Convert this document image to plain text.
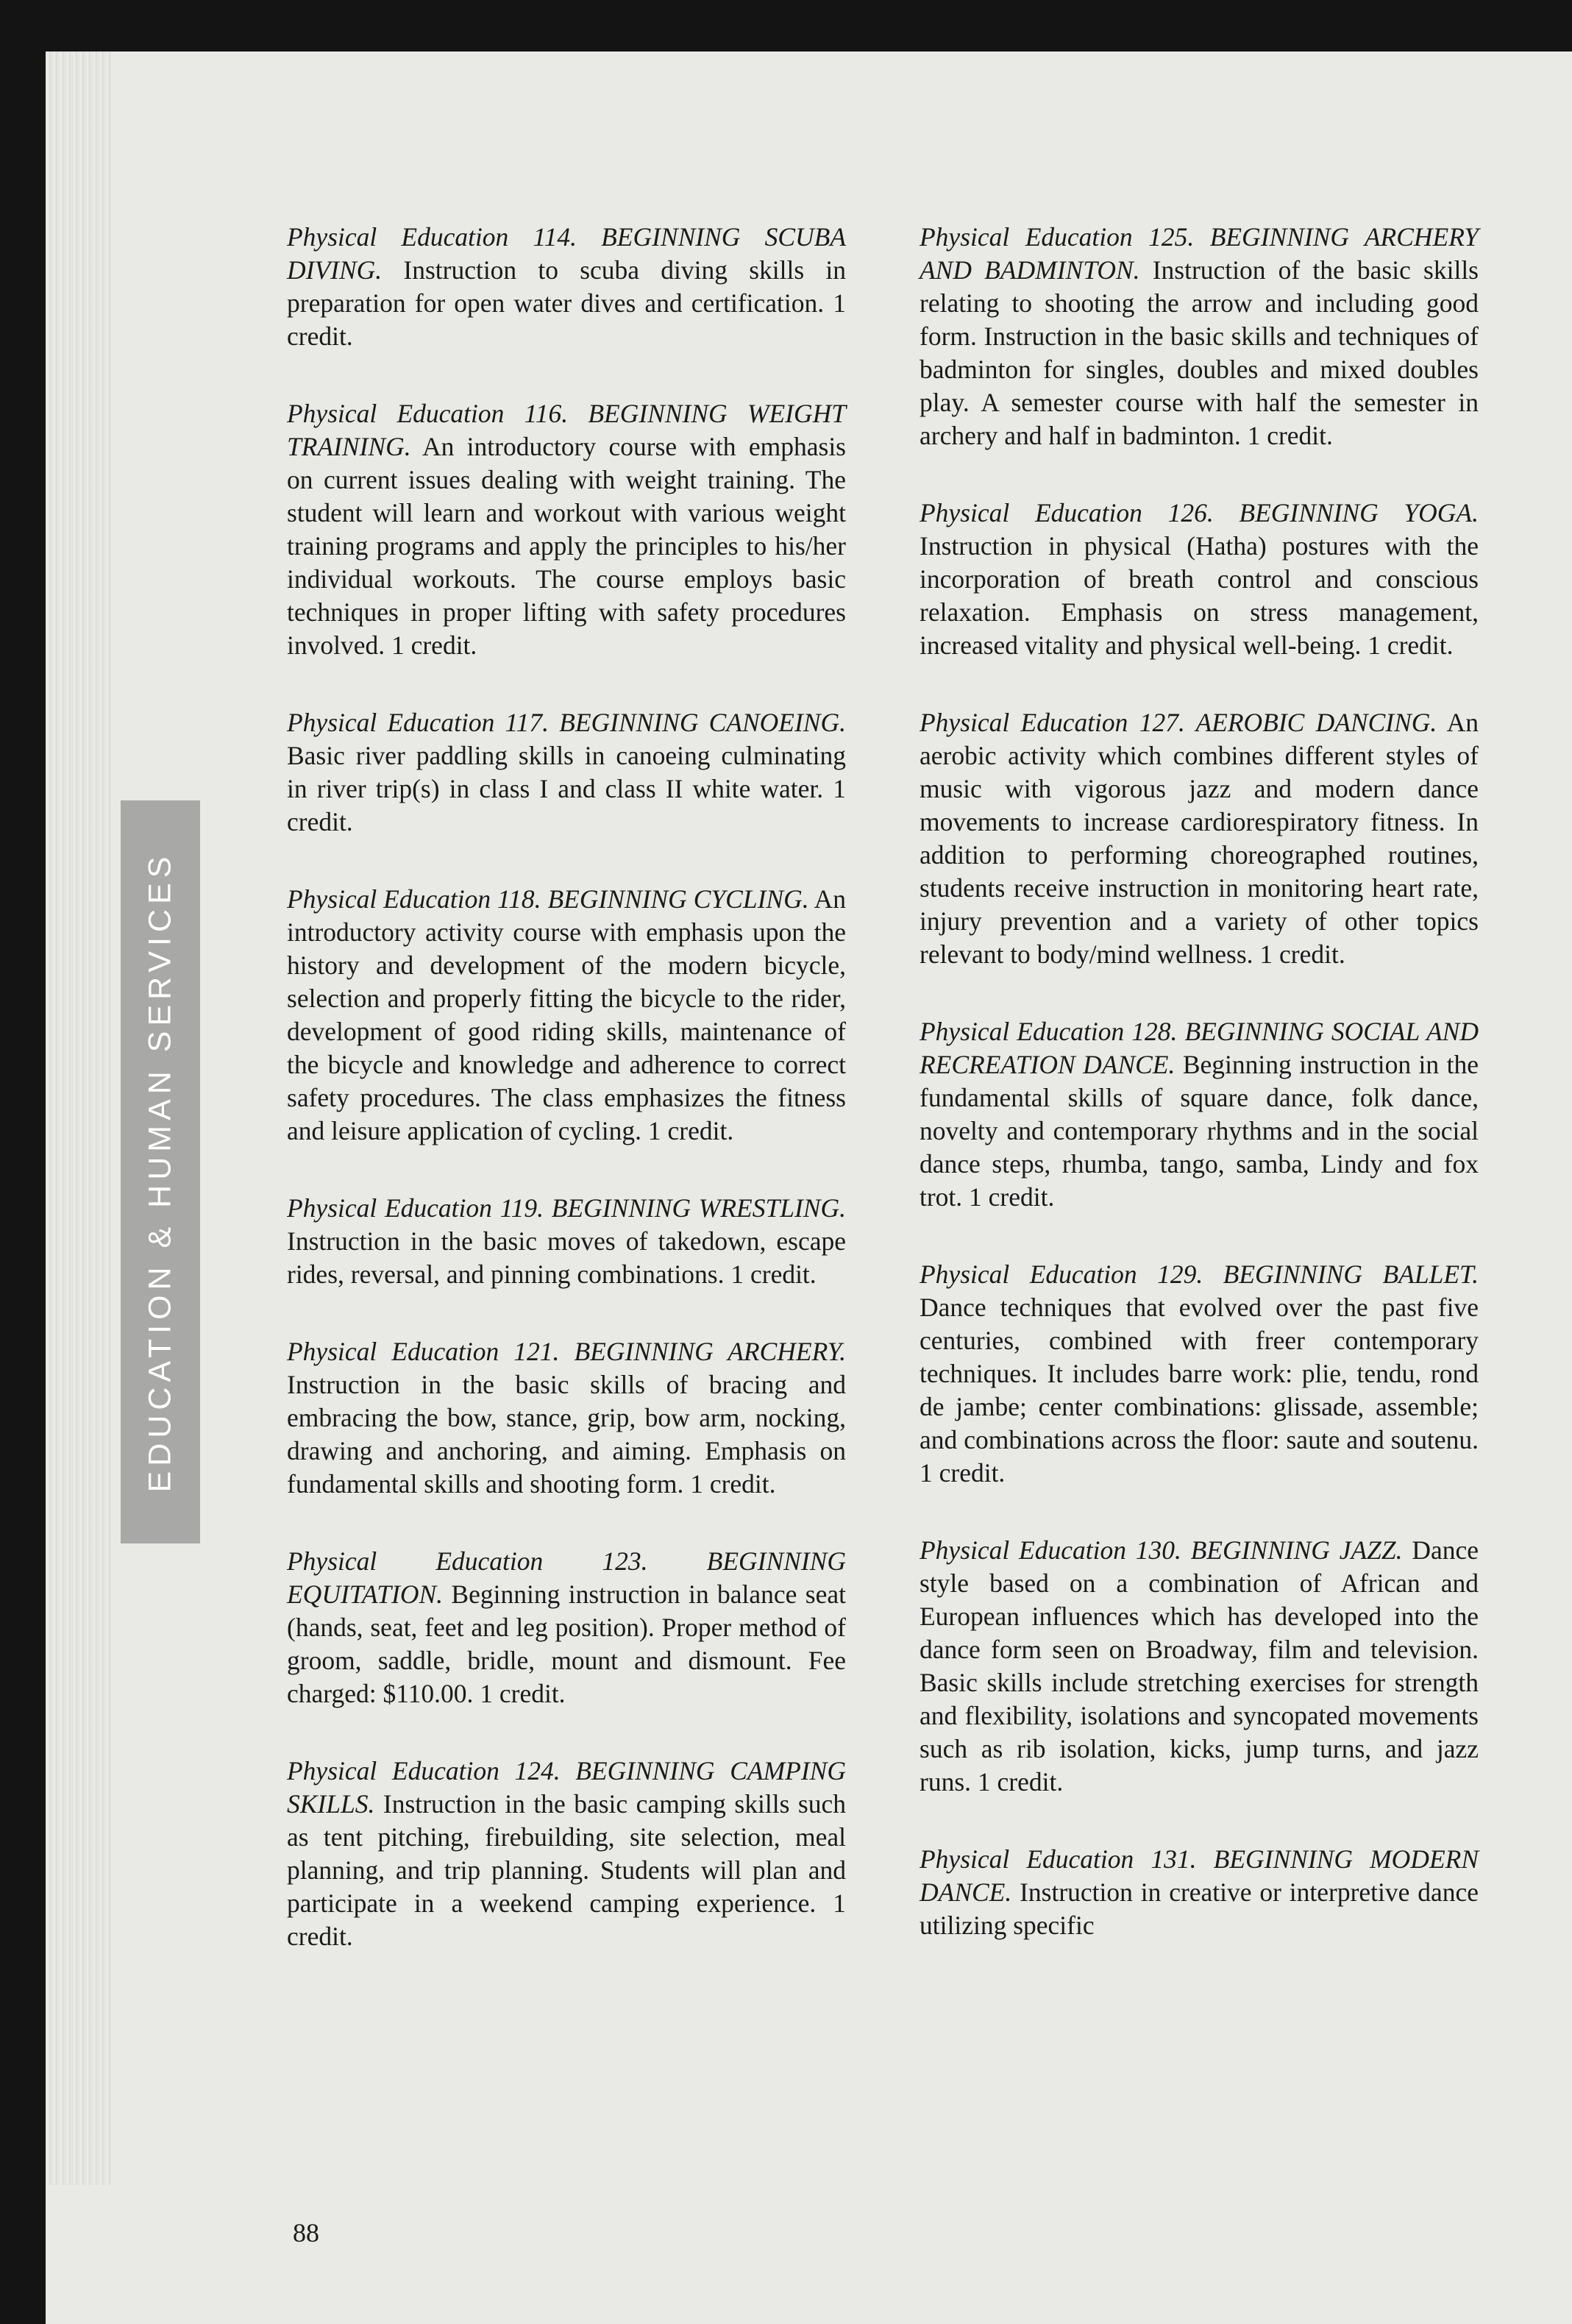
EDUCATION & HUMAN SERVICES

Physical Education 114. BEGINNING SCUBA DIVING. Instruction to scuba diving skills in preparation for open water dives and certification. 1 credit.

Physical Education 116. BEGINNING WEIGHT TRAINING. An introductory course with emphasis on current issues dealing with weight training. The student will learn and workout with various weight training programs and apply the principles to his/her individual workouts. The course employs basic techniques in proper lifting with safety procedures involved. 1 credit.

Physical Education 117. BEGINNING CANOEING. Basic river paddling skills in canoeing culminating in river trip(s) in class I and class II white water. 1 credit.

Physical Education 118. BEGINNING CYCLING. An introductory activity course with emphasis upon the history and development of the modern bicycle, selection and properly fitting the bicycle to the rider, development of good riding skills, maintenance of the bicycle and knowledge and adherence to correct safety procedures. The class emphasizes the fitness and leisure application of cycling. 1 credit.

Physical Education 119. BEGINNING WRESTLING. Instruction in the basic moves of takedown, escape rides, reversal, and pinning combinations. 1 credit.

Physical Education 121. BEGINNING ARCHERY. Instruction in the basic skills of bracing and embracing the bow, stance, grip, bow arm, nocking, drawing and anchoring, and aiming. Emphasis on fundamental skills and shooting form. 1 credit.

Physical Education 123. BEGINNING EQUITATION. Beginning instruction in balance seat (hands, seat, feet and leg position). Proper method of groom, saddle, bridle, mount and dismount. Fee charged: $110.00. 1 credit.

Physical Education 124. BEGINNING CAMPING SKILLS. Instruction in the basic camping skills such as tent pitching, firebuilding, site selection, meal planning, and trip planning. Students will plan and participate in a weekend camping experience. 1 credit.

Physical Education 125. BEGINNING ARCHERY AND BADMINTON. Instruction of the basic skills relating to shooting the arrow and including good form. Instruction in the basic skills and techniques of badminton for singles, doubles and mixed doubles play. A semester course with half the semester in archery and half in badminton. 1 credit.

Physical Education 126. BEGINNING YOGA. Instruction in physical (Hatha) postures with the incorporation of breath control and conscious relaxation. Emphasis on stress management, increased vitality and physical well-being. 1 credit.

Physical Education 127. AEROBIC DANCING. An aerobic activity which combines different styles of music with vigorous jazz and modern dance movements to increase cardiorespiratory fitness. In addition to performing choreographed routines, students receive instruction in monitoring heart rate, injury prevention and a variety of other topics relevant to body/mind wellness. 1 credit.

Physical Education 128. BEGINNING SOCIAL AND RECREATION DANCE. Beginning instruction in the fundamental skills of square dance, folk dance, novelty and contemporary rhythms and in the social dance steps, rhumba, tango, samba, Lindy and fox trot. 1 credit.

Physical Education 129. BEGINNING BALLET. Dance techniques that evolved over the past five centuries, combined with freer contemporary techniques. It includes barre work: plie, tendu, rond de jambe; center combinations: glissade, assemble; and combinations across the floor: saute and soutenu. 1 credit.

Physical Education 130. BEGINNING JAZZ. Dance style based on a combination of African and European influences which has developed into the dance form seen on Broadway, film and television. Basic skills include stretching exercises for strength and flexibility, isolations and syncopated movements such as rib isolation, kicks, jump turns, and jazz runs. 1 credit.

Physical Education 131. BEGINNING MODERN DANCE. Instruction in creative or interpretive dance utilizing specific

88
